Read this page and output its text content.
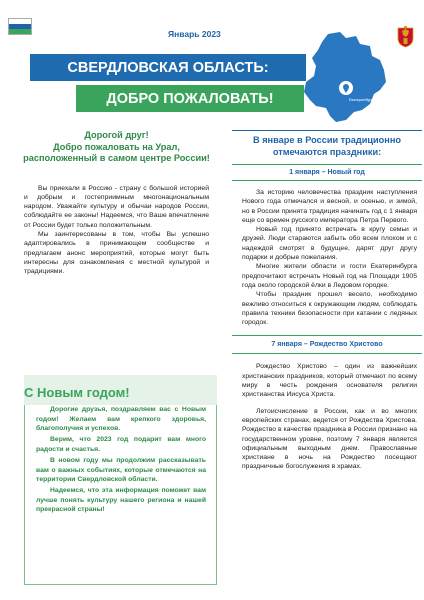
Январь 2023
Екатеринбург
СВЕРДЛОВСКАЯ ОБЛАСТЬ:
ДОБРО ПОЖАЛОВАТЬ!
Дорогой друг!
Добро пожаловать на Урал, расположенный в самом центре России!

Вы приехали в Россию - страну с большой историей и добрым и гостеприимным многонациональным народом. Уважайте культуру и обычаи народов России, соблюдайте ее законы! Надеемся, что Ваше впечатление от России будет только положительным.

Мы заинтересованы в том, чтобы Вы успешно адаптировались в принимающем сообществе и предлагаем анонс мероприятий, которые могут быть интересны для ознакомления с местной культурой и традициями.

С Новым годом!

Дорогие друзья, поздравляем вас с Новым годом! Желаем вам крепкого здоровья, благополучия и успехов.

Верим, что 2023 год подарит вам много радости и счастья.

В новом году мы продолжим рассказывать вам о важных событиях, которые отмечаются на территории Свердловской области.

Надеемся, что эта информация поможет вам лучше понять культуру нашего региона и нашей прекрасной страны!

В январе в России традиционно отмечаются праздники:
1 января – Новый год

За историю человечества праздник наступления Нового года отмечался и весной, и осенью, и зимой, но в России принята традиция начинать год с 1 января еще со времен русского императора Петра Первого.

Новый год принято встречать в кругу семьи и друзей. Люди стараются забыть обо всем плохом и с надеждой смотрят в будущее, дарят друг другу подарки и добрые пожелания.

Многие жители области и гости Екатеринбурга предпочитают встречать Новый год на Площади 1905 года около городской ёлки в Ледовом городке.

Чтобы праздник прошел весело, необходимо вежливо относиться к окружающим людям, соблюдать правила техники безопасности при катании с ледяных городок.

7 января – Рождество Христово

Рождество Христово – один из важнейших христианских праздников, который отмечают по всему миру в честь рождения основателя религии христианства Иисуса Христа.

Летоисчисление в России, как и во многих европейских странах, ведется от Рождества Христова. Рождество в качестве праздника в России признано на государственном уровне, поэтому 7 января является официальным выходным днем. Православные христиане в ночь на Рождество посещают праздничные богослужения в храмах.
